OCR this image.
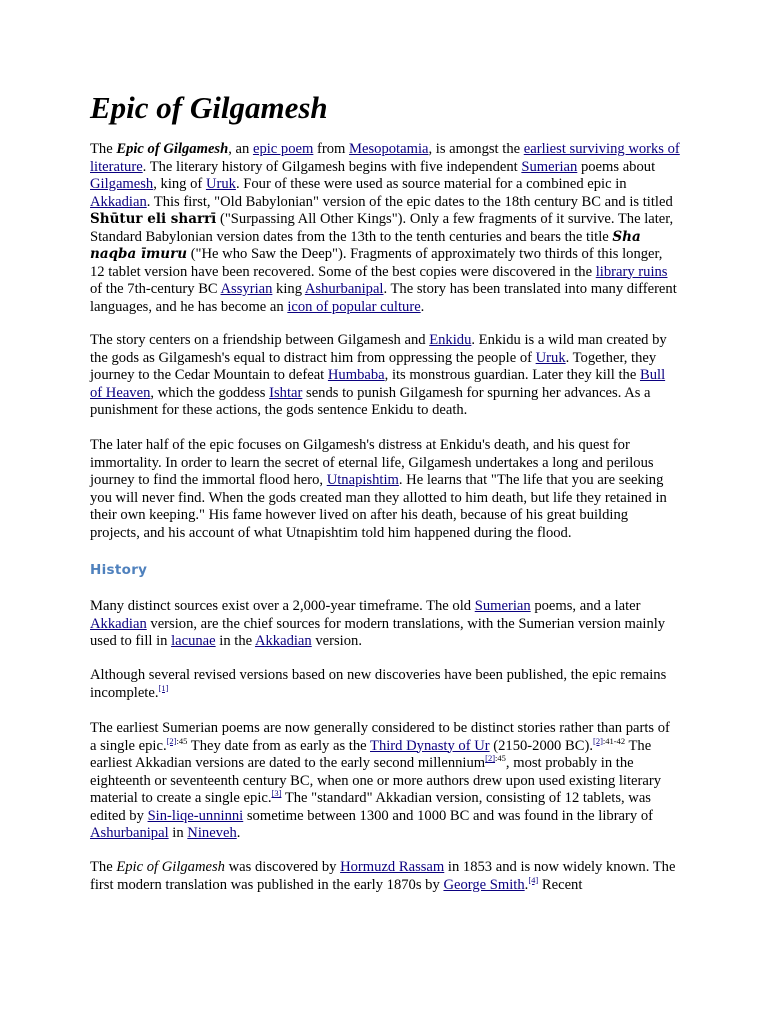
Epic of Gilgamesh

The Epic of Gilgamesh, an epic poem from Mesopotamia, is amongst the earliest surviving works of literature. The literary history of Gilgamesh begins with five independent Sumerian poems about Gilgamesh, king of Uruk. Four of these were used as source material for a combined epic in Akkadian. This first, "Old Babylonian" version of the epic dates to the 18th century BC and is titled Shūtur eli sharrī ("Surpassing All Other Kings"). Only a few fragments of it survive. The later, Standard Babylonian version dates from the 13th to the tenth centuries and bears the title Sha naqba īmuru ("He who Saw the Deep"). Fragments of approximately two thirds of this longer, 12 tablet version have been recovered. Some of the best copies were discovered in the library ruins of the 7th-century BC Assyrian king Ashurbanipal. The story has been translated into many different languages, and he has become an icon of popular culture.

The story centers on a friendship between Gilgamesh and Enkidu. Enkidu is a wild man created by the gods as Gilgamesh's equal to distract him from oppressing the people of Uruk. Together, they journey to the Cedar Mountain to defeat Humbaba, its monstrous guardian. Later they kill the Bull of Heaven, which the goddess Ishtar sends to punish Gilgamesh for spurning her advances. As a punishment for these actions, the gods sentence Enkidu to death.

The later half of the epic focuses on Gilgamesh's distress at Enkidu's death, and his quest for immortality. In order to learn the secret of eternal life, Gilgamesh undertakes a long and perilous journey to find the immortal flood hero, Utnapishtim. He learns that "The life that you are seeking you will never find. When the gods created man they allotted to him death, but life they retained in their own keeping." His fame however lived on after his death, because of his great building projects, and his account of what Utnapishtim told him happened during the flood.

History

Many distinct sources exist over a 2,000-year timeframe. The old Sumerian poems, and a later Akkadian version, are the chief sources for modern translations, with the Sumerian version mainly used to fill in lacunae in the Akkadian version.

Although several revised versions based on new discoveries have been published, the epic remains incomplete.[1]

The earliest Sumerian poems are now generally considered to be distinct stories rather than parts of a single epic.$^{[2]:45}$ They date from as early as the Third Dynasty of Ur (2150-2000 BC).$^{[2]:41-42}$ The earliest Akkadian versions are dated to the early second millennium$^{[2]:45}$, most probably in the eighteenth or seventeenth century BC, when one or more authors drew upon used existing literary material to create a single epic.[3] The "standard" Akkadian version, consisting of 12 tablets, was edited by Sin-liqe-unninni sometime between 1300 and 1000 BC and was found in the library of Ashurbanipal in Nineveh.

The Epic of Gilgamesh was discovered by Hormuzd Rassam in 1853 and is now widely known. The first modern translation was published in the early 1870s by George Smith.[4] Recent
